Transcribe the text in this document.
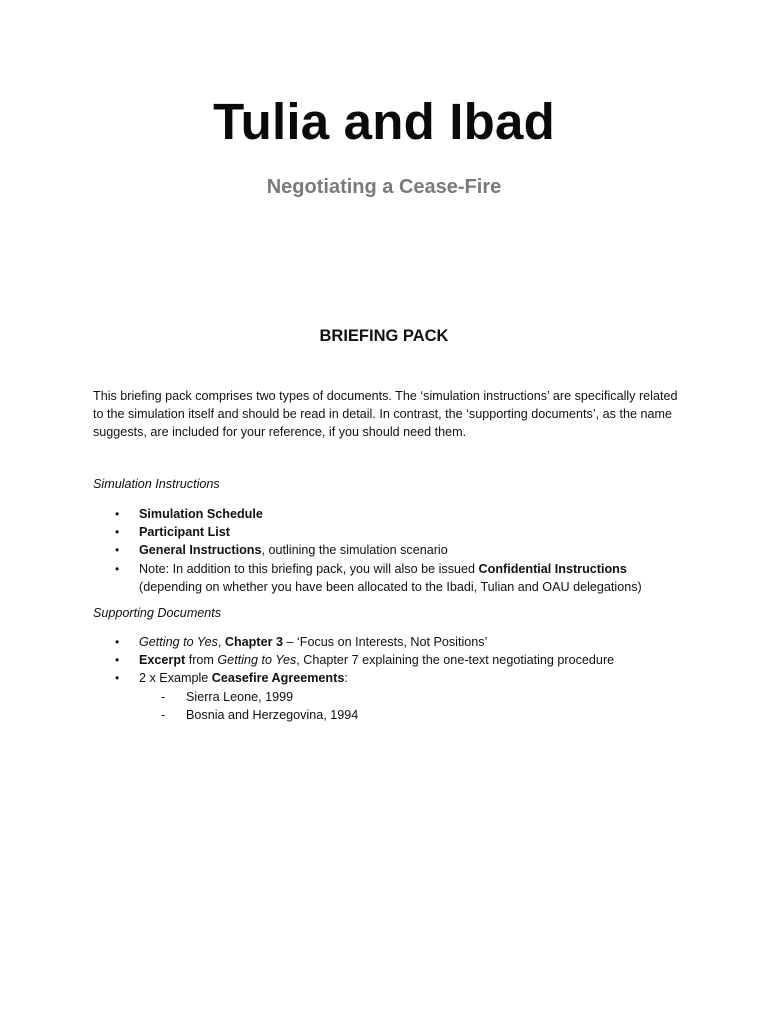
Tulia and Ibad
Negotiating a Cease-Fire
BRIEFING PACK
This briefing pack comprises two types of documents. The ‘simulation instructions’ are specifically related to the simulation itself and should be read in detail. In contrast, the ‘supporting documents’, as the name suggests, are included for your reference, if you should need them.
Simulation Instructions
• Simulation Schedule
• Participant List
• General Instructions, outlining the simulation scenario
• Note: In addition to this briefing pack, you will also be issued Confidential Instructions (depending on whether you have been allocated to the Ibadi, Tulian and OAU delegations)
Supporting Documents
• Getting to Yes, Chapter 3 – ‘Focus on Interests, Not Positions’
• Excerpt from Getting to Yes, Chapter 7 explaining the one-text negotiating procedure
• 2 x Example Ceasefire Agreements:
- Sierra Leone, 1999
- Bosnia and Herzegovina, 1994
